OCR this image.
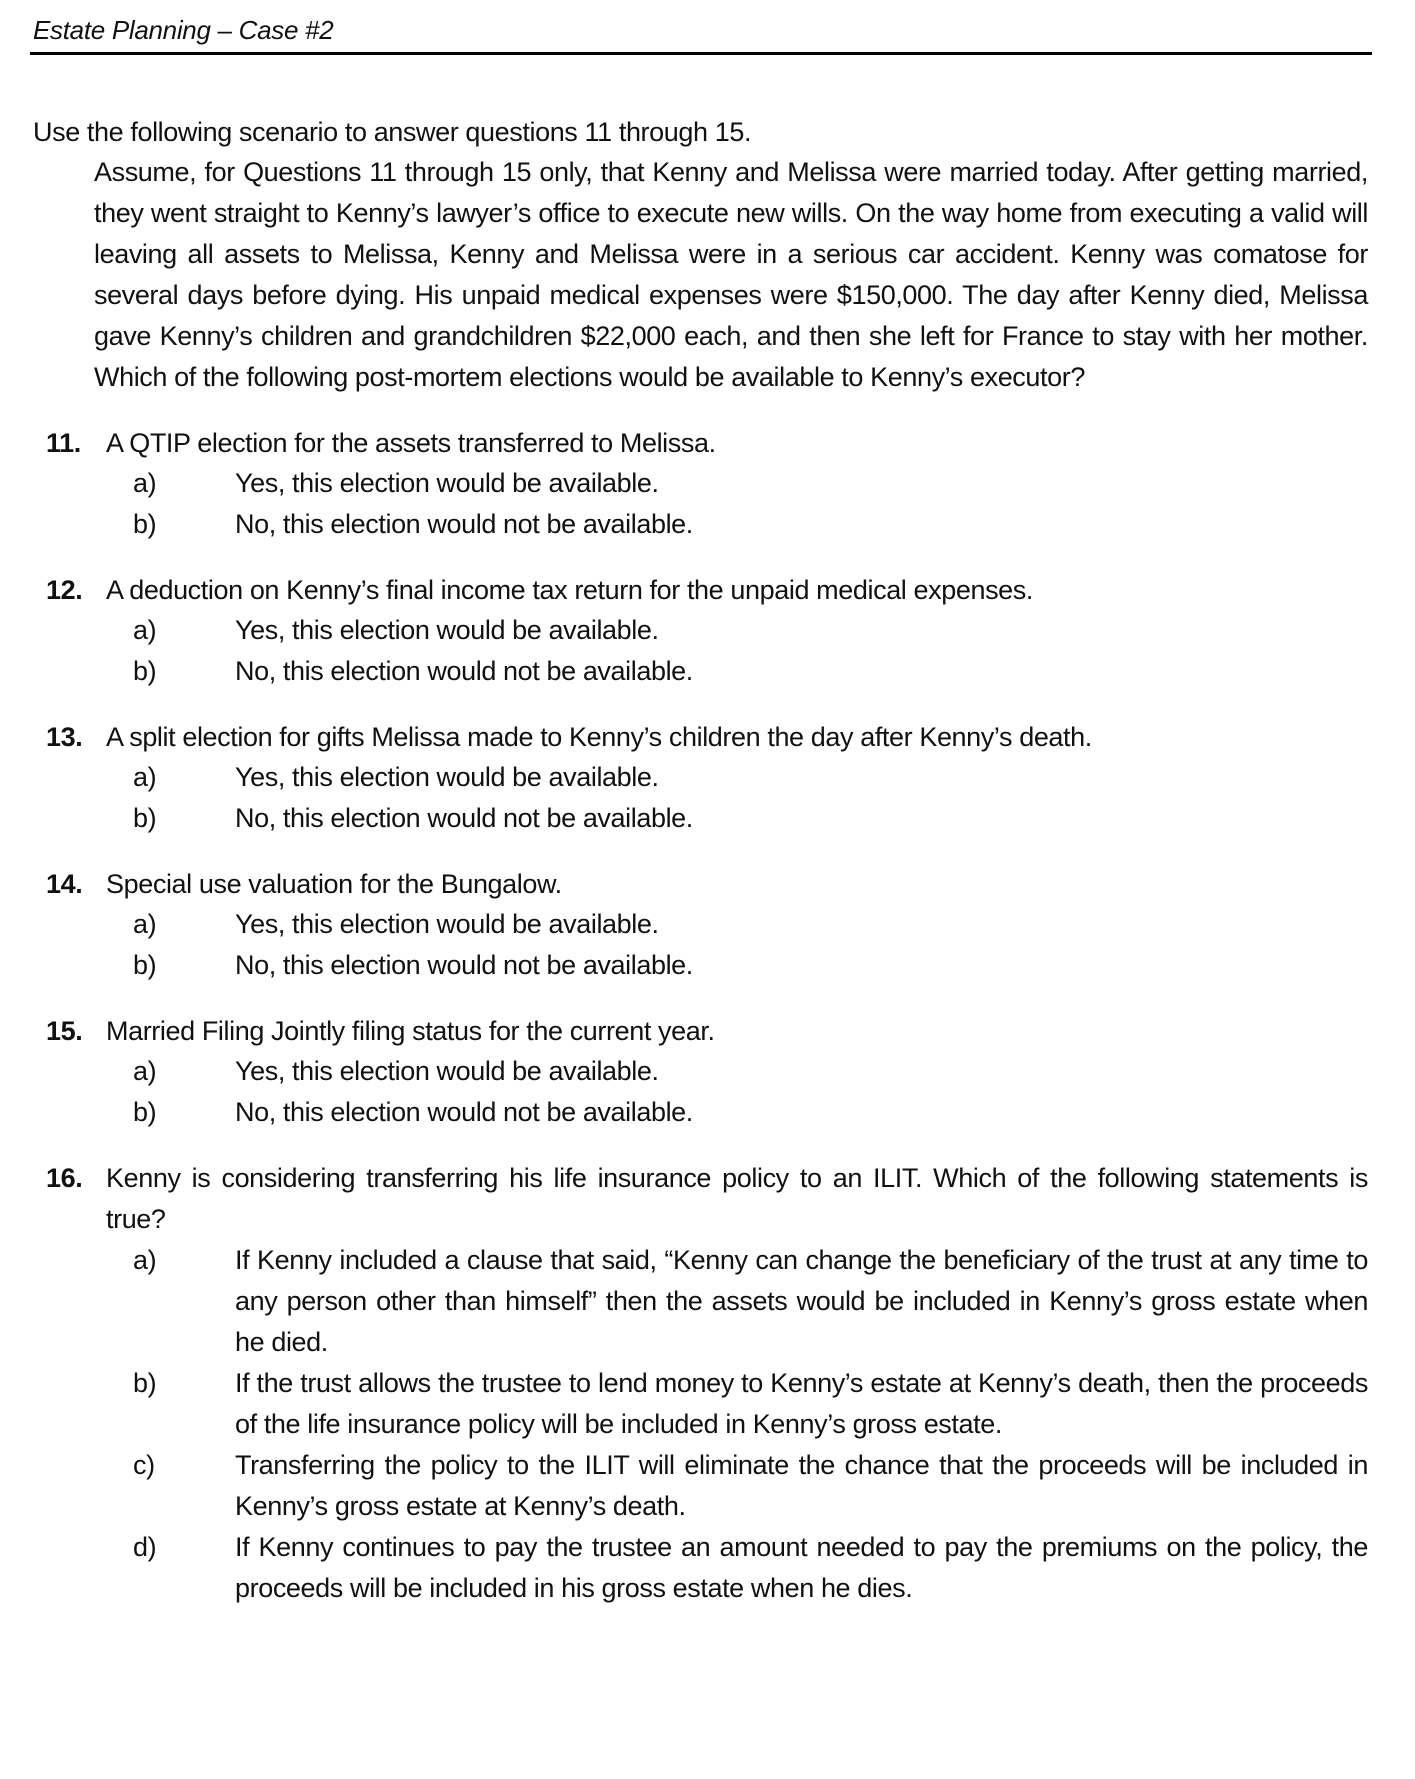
Estate Planning – Case #2
Use the following scenario to answer questions 11 through 15.
Assume, for Questions 11 through 15 only, that Kenny and Melissa were married today. After getting married, they went straight to Kenny’s lawyer’s office to execute new wills. On the way home from executing a valid will leaving all assets to Melissa, Kenny and Melissa were in a serious car accident. Kenny was comatose for several days before dying. His unpaid medical expenses were $150,000. The day after Kenny died, Melissa gave Kenny’s children and grandchildren $22,000 each, and then she left for France to stay with her mother. Which of the following post-mortem elections would be available to Kenny’s executor?
11. A QTIP election for the assets transferred to Melissa.
a)	Yes, this election would be available.
b)	No, this election would not be available.
12. A deduction on Kenny’s final income tax return for the unpaid medical expenses.
a)	Yes, this election would be available.
b)	No, this election would not be available.
13. A split election for gifts Melissa made to Kenny’s children the day after Kenny’s death.
a)	Yes, this election would be available.
b)	No, this election would not be available.
14. Special use valuation for the Bungalow.
a)	Yes, this election would be available.
b)	No, this election would not be available.
15. Married Filing Jointly filing status for the current year.
a)	Yes, this election would be available.
b)	No, this election would not be available.
16. Kenny is considering transferring his life insurance policy to an ILIT. Which of the following statements is true?
a)	If Kenny included a clause that said, “Kenny can change the beneficiary of the trust at any time to any person other than himself” then the assets would be included in Kenny’s gross estate when he died.
b)	If the trust allows the trustee to lend money to Kenny’s estate at Kenny’s death, then the proceeds of the life insurance policy will be included in Kenny’s gross estate.
c)	Transferring the policy to the ILIT will eliminate the chance that the proceeds will be included in Kenny’s gross estate at Kenny’s death.
d)	If Kenny continues to pay the trustee an amount needed to pay the premiums on the policy, the proceeds will be included in his gross estate when he dies.
